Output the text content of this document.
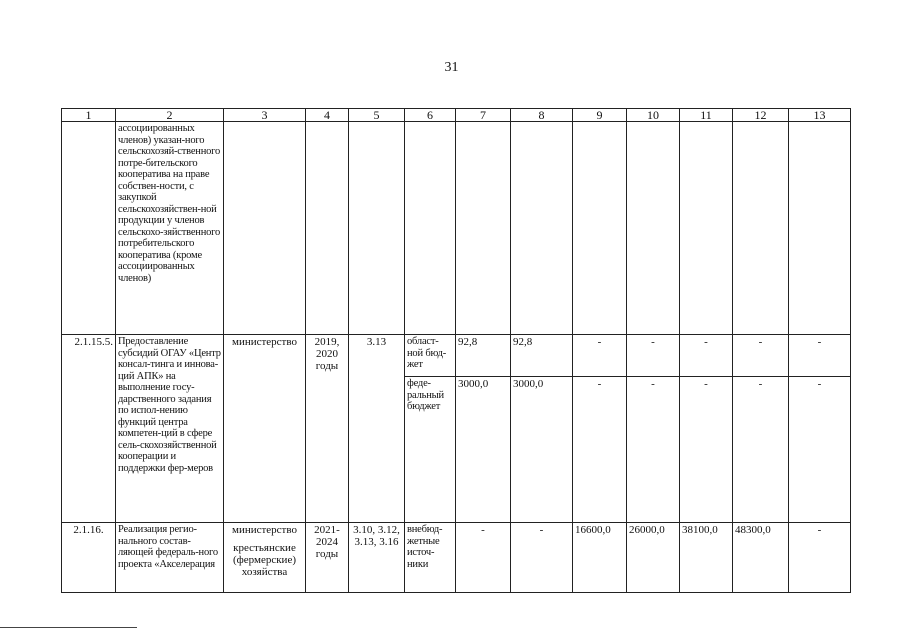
31
1	2	3	4	5	6	7	8	9	10	11	12	13
	ассоциированных членов) указан-ного сельскохозяй-ственного потре-бительского кооператива на праве собствен-ности, с закупкой сельскохозяйствен-ной продукции у членов сельскохо-зяйственного потребительского кооператива (кроме ассоциированных членов)											
2.1.15.5.	Предоставление субсидий ОГАУ «Центр консал-тинга и иннова-ций АПК» на выполнение госу-дарственного задания по испол-нению функций центра компетен-ций в сфере сель-скохозяйственной кооперации и поддержки фер-меров	министерство	2019, 2020 годы	3.13	област-ной бюд-жет	92,8	92,8	-	-	-	-	-
					феде-ральный бюджет	3000,0	3000,0	-	-	-	-	-
2.1.16.	Реализация регио-нального состав-ляющей федераль-ного проекта «Акселерация	министерство
крестьянские (фермерские) хозяйства	2021-2024 годы	3.10, 3.12, 3.13, 3.16	внебюд-жетные источ-ники	-	-	16600,0	26000,0	38100,0	48300,0	-
